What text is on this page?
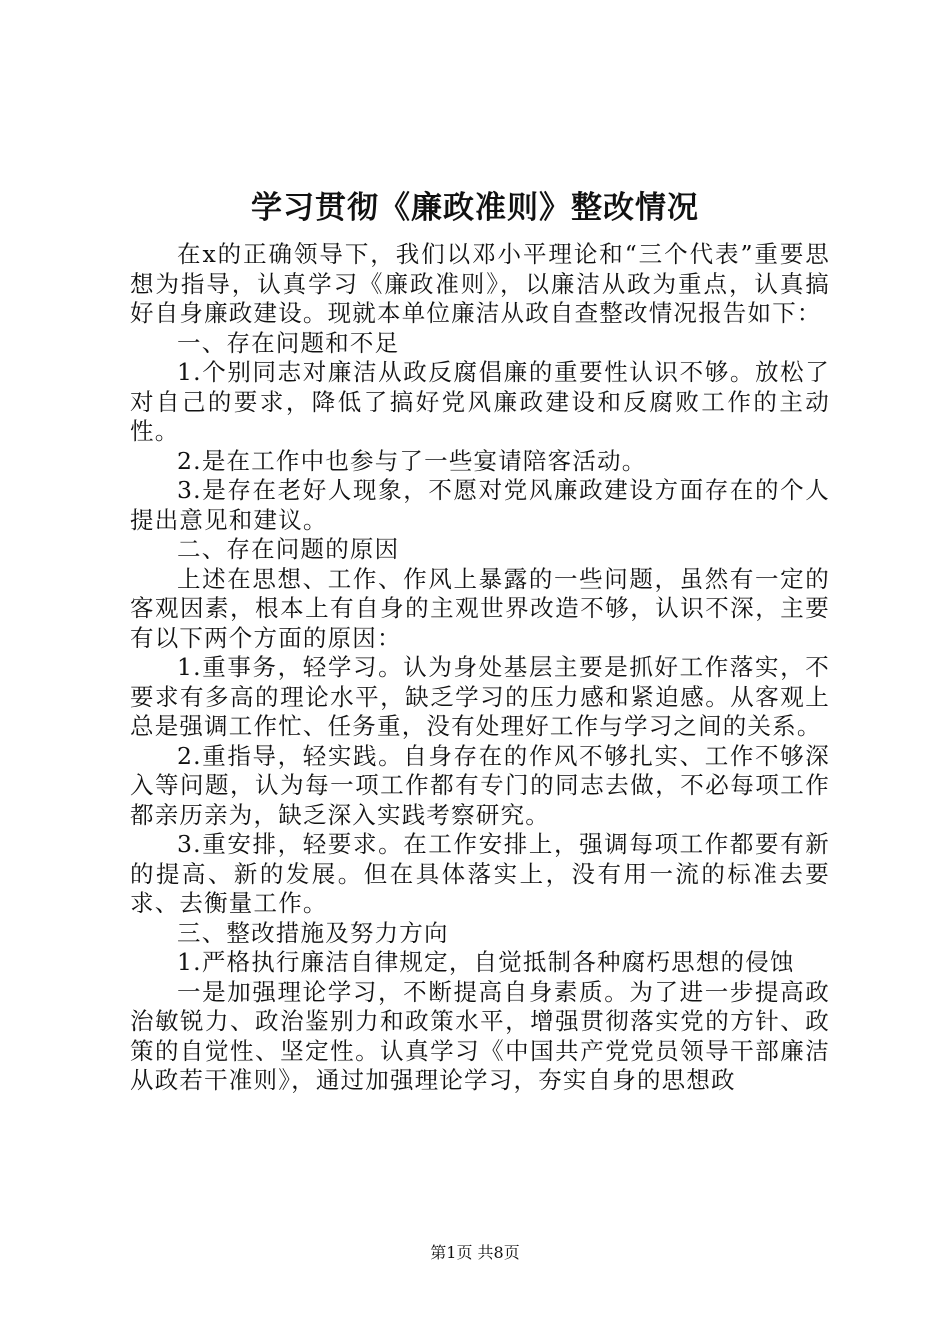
学习贯彻《廉政准则》整改情况

在x的正确领导下，我们以邓小平理论和“三个代表”重要思想为指导，认真学习《廉政准则》，以廉洁从政为重点，认真搞好自身廉政建设。现就本单位廉洁从政自查整改情况报告如下：

一、存在问题和不足

1.个别同志对廉洁从政反腐倡廉的重要性认识不够。放松了对自己的要求，降低了搞好党风廉政建设和反腐败工作的主动性。

2.是在工作中也参与了一些宴请陪客活动。

3.是存在老好人现象，不愿对党风廉政建设方面存在的个人提出意见和建议。

二、存在问题的原因

上述在思想、工作、作风上暴露的一些问题，虽然有一定的客观因素，根本上有自身的主观世界改造不够，认识不深，主要有以下两个方面的原因：

1.重事务，轻学习。认为身处基层主要是抓好工作落实，不要求有多高的理论水平，缺乏学习的压力感和紧迫感。从客观上总是强调工作忙、任务重，没有处理好工作与学习之间的关系。

2.重指导，轻实践。自身存在的作风不够扎实、工作不够深入等问题，认为每一项工作都有专门的同志去做，不必每项工作都亲历亲为，缺乏深入实践考察研究。

3.重安排，轻要求。在工作安排上，强调每项工作都要有新的提高、新的发展。但在具体落实上，没有用一流的标准去要求、去衡量工作。

三、整改措施及努力方向

1.严格执行廉洁自律规定，自觉抵制各种腐朽思想的侵蚀

一是加强理论学习，不断提高自身素质。为了进一步提高政治敏锐力、政治鉴别力和政策水平，增强贯彻落实党的方针、政策的自觉性、坚定性。认真学习《中国共产党党员领导干部廉洁从政若干准则》，通过加强理论学习，夯实自身的思想政

第1页 共8页
